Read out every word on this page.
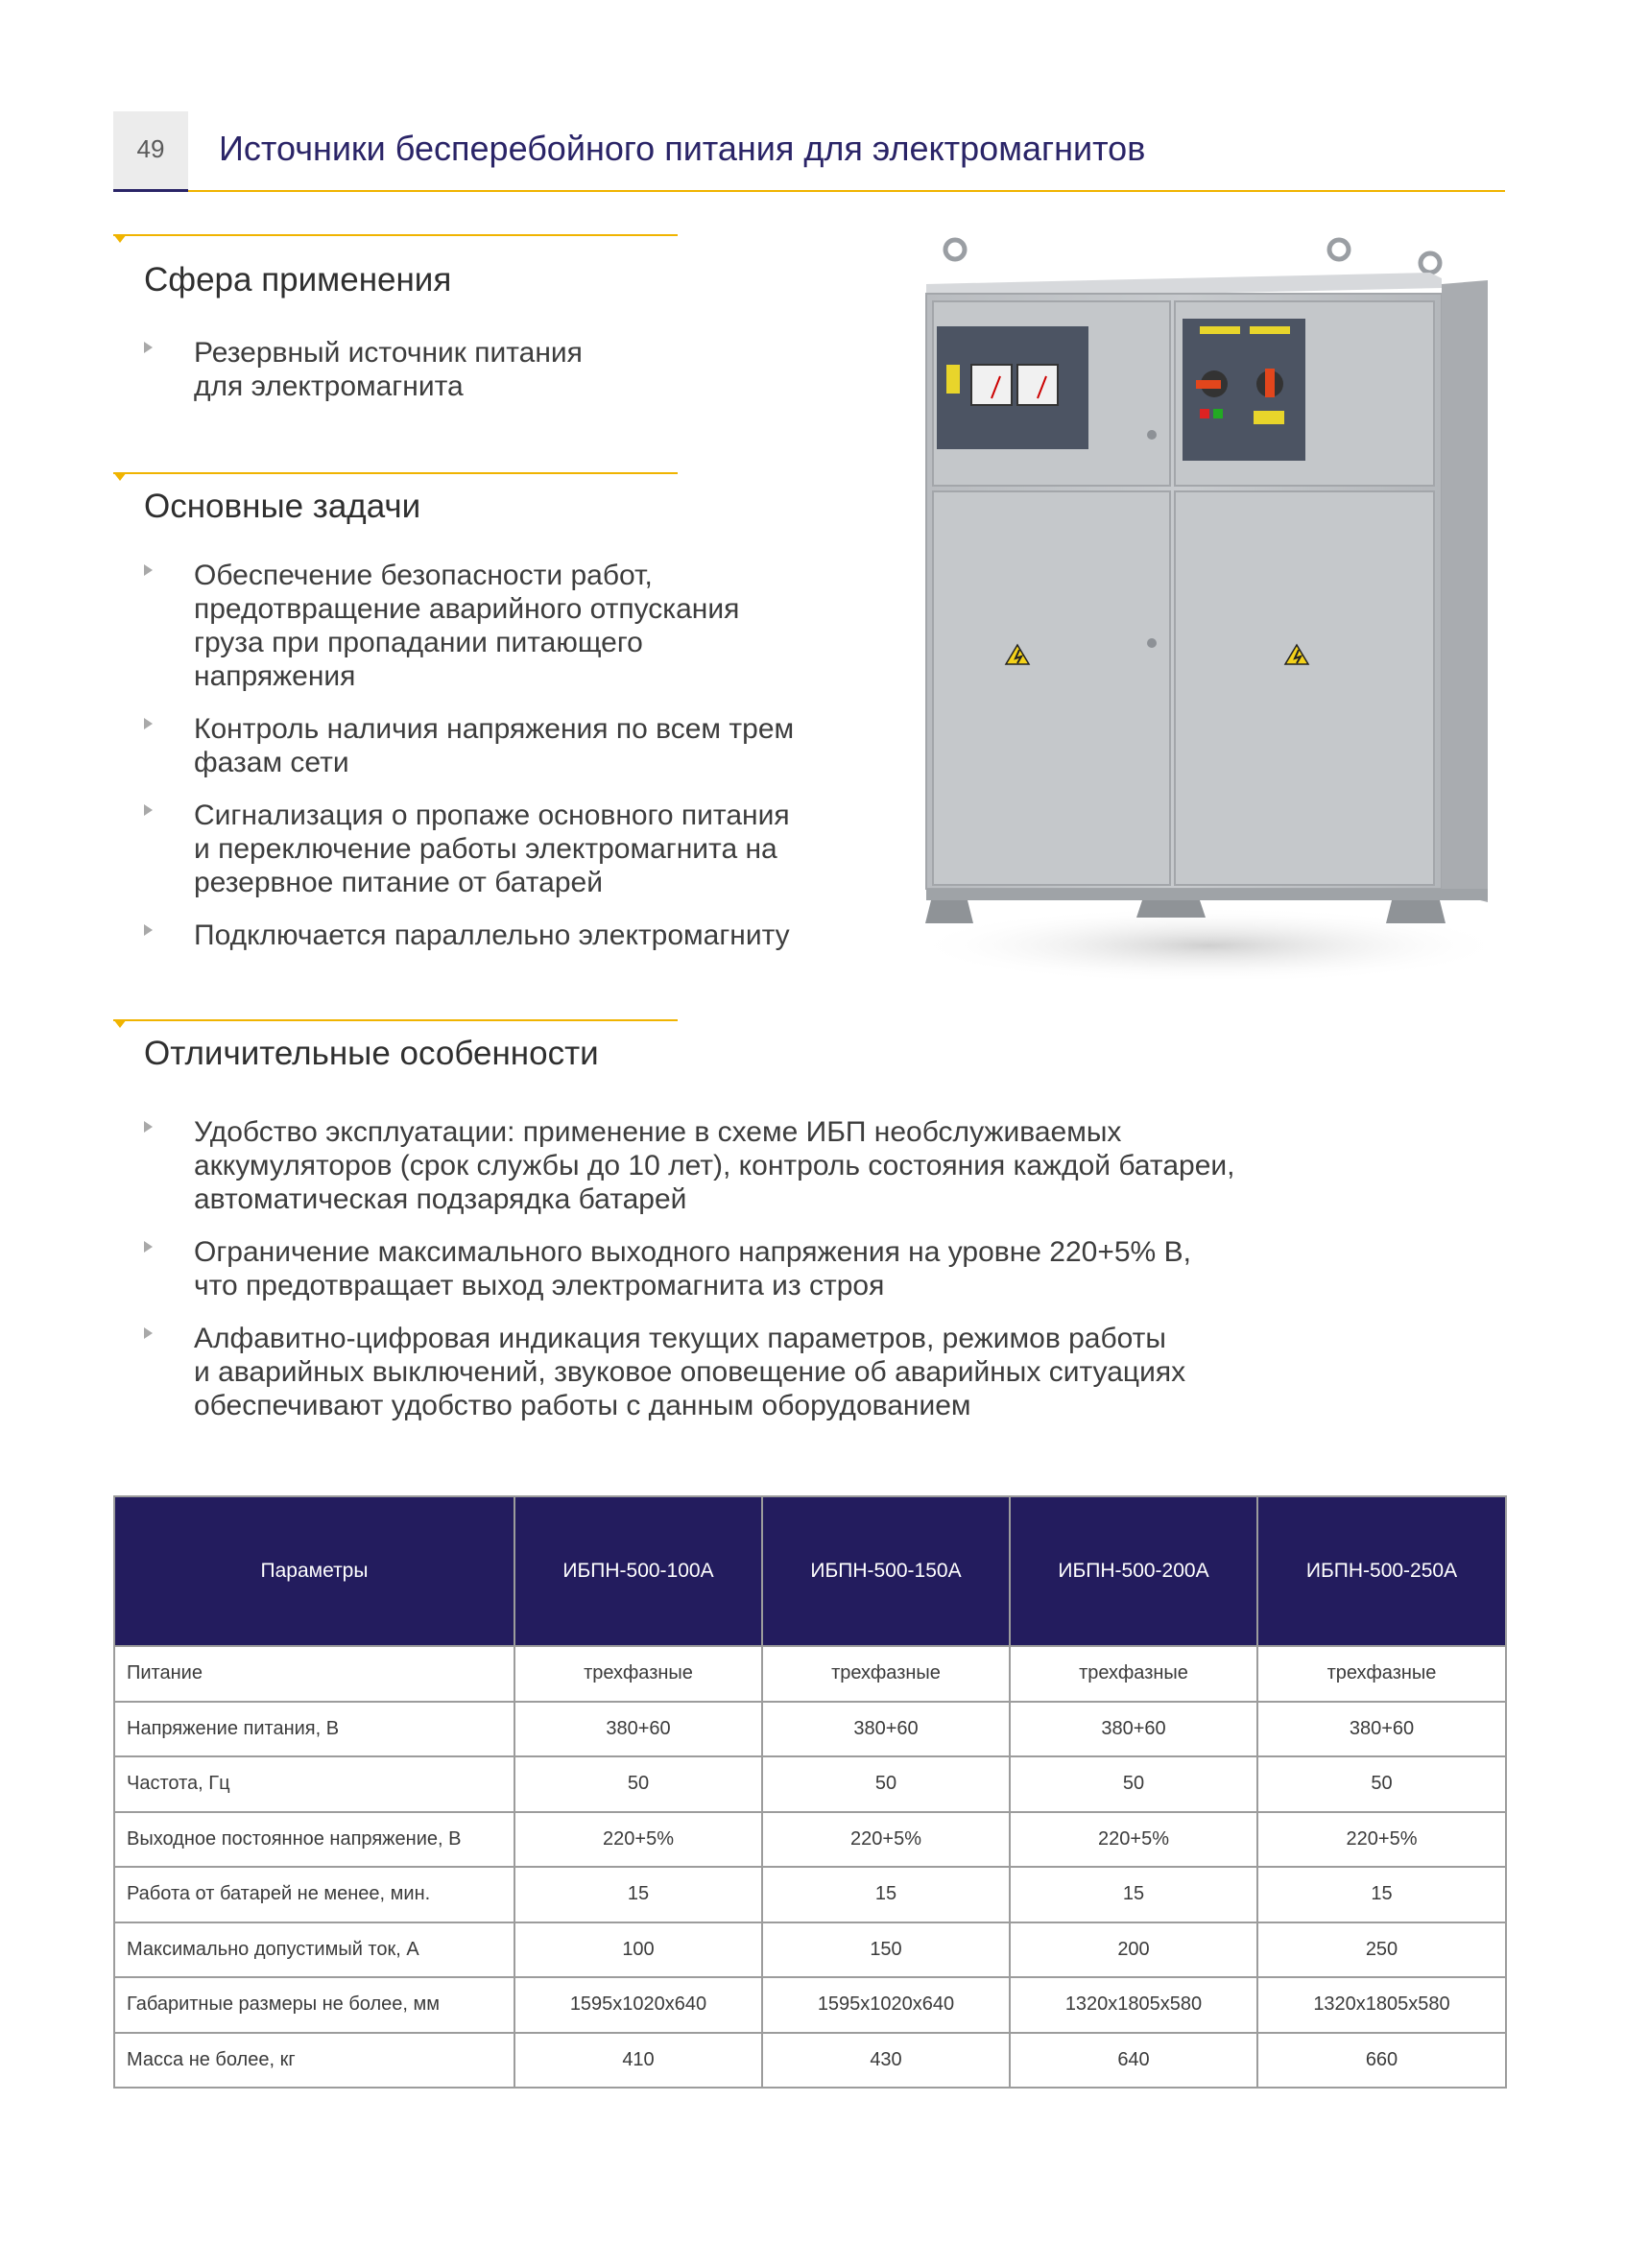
49	Источники бесперебойного питания для электромагнитов
Сфера применения
Резервный источник питания
для электромагнита
Основные задачи
Обеспечение безопасности работ,
предотвращение аварийного отпускания
груза при пропадании питающего
напряжения
Контроль наличия напряжения по всем трем
фазам сети
Сигнализация о пропаже основного питания
и переключение работы электромагнита на
резервное питание от батарей
Подключается параллельно электромагниту
Отличительные особенности
Удобство эксплуатации: применение в схеме ИБП необслуживаемых
аккумуляторов (срок службы до 10 лет), контроль состояния каждой батареи,
автоматическая подзарядка батарей
Ограничение максимального выходного напряжения на уровне 220+5% В,
что предотвращает выход электромагнита из строя
Алфавитно-цифровая индикация текущих параметров, режимов работы
и аварийных выключений, звуковое оповещение об аварийных ситуациях
обеспечивают удобство работы с данным оборудованием
Параметры	ИБПН-500-100А	ИБПН-500-150А	ИБПН-500-200А	ИБПН-500-250А
Питание	трехфазные	трехфазные	трехфазные	трехфазные
Напряжение питания, В	380+60	380+60	380+60	380+60
Частота, Гц	50	50	50	50
Выходное постоянное напряжение, В	220+5%	220+5%	220+5%	220+5%
Работа от батарей не менее, мин.	15	15	15	15
Максимально допустимый ток, А	100	150	200	250
Габаритные размеры не более, мм	1595x1020x640	1595x1020x640	1320x1805x580	1320x1805x580
Масса не более, кг	410	430	640	660
